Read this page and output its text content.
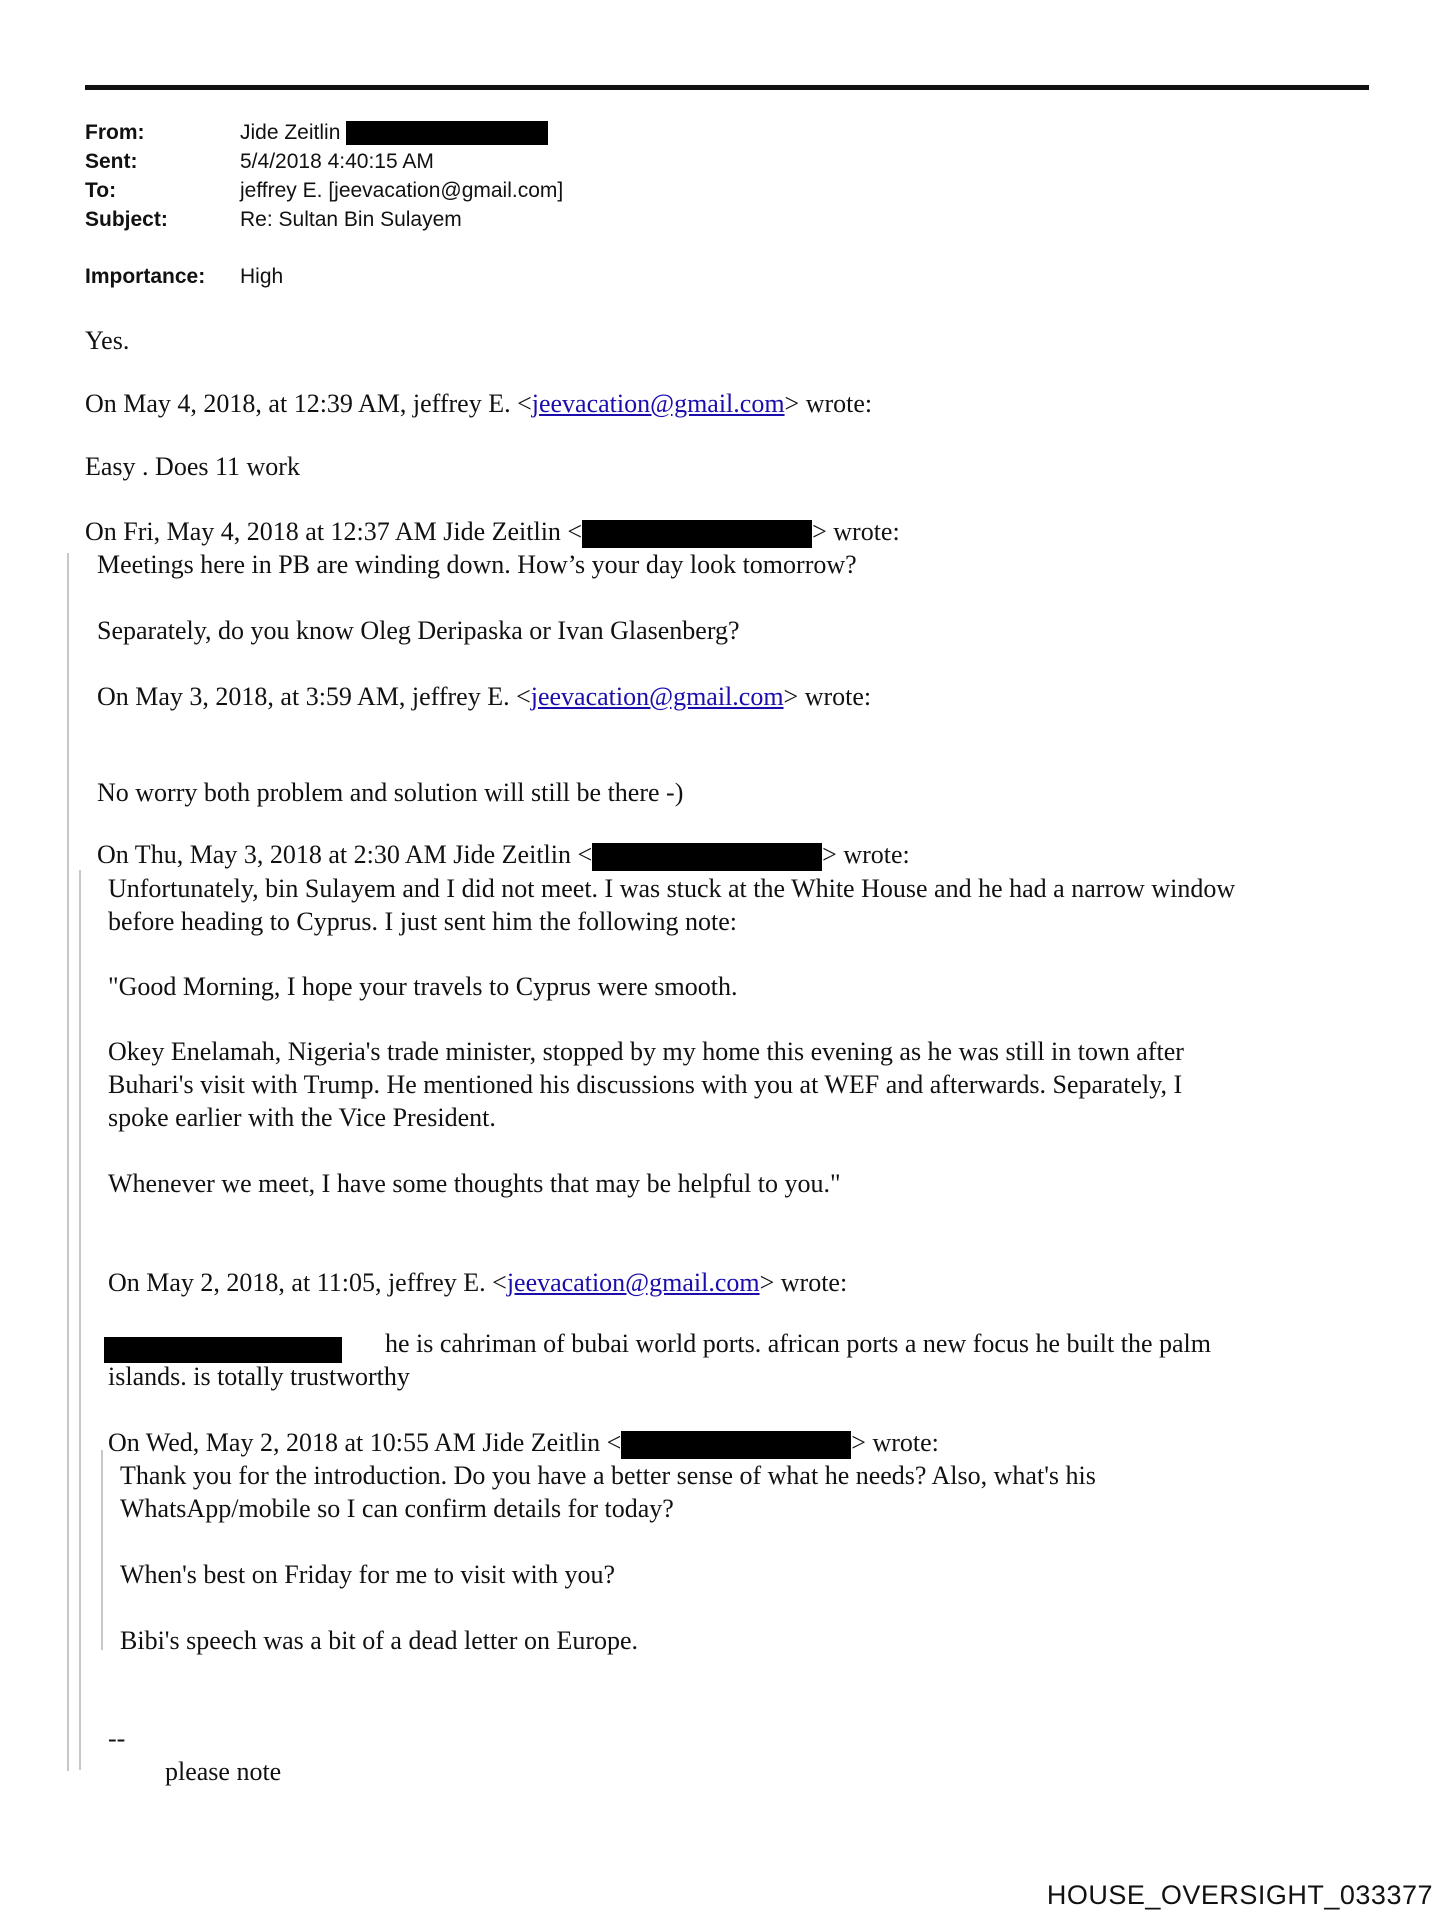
From:	Jide Zeitlin
Sent:	5/4/2018 4:40:15 AM
To:	jeffrey E. [jeevacation@gmail.com]
Subject:	Re: Sultan Bin Sulayem
Importance: High
Yes.
On May 4, 2018, at 12:39 AM, jeffrey E. <jeevacation@gmail.com> wrote:
Easy . Does 11 work
On Fri, May 4, 2018 at 12:37 AM Jide Zeitlin <	> wrote:
Meetings here in PB are winding down. How’s your day look tomorrow?
Separately, do you know Oleg Deripaska or Ivan Glasenberg?
On May 3, 2018, at 3:59 AM, jeffrey E. <jeevacation@gmail.com> wrote:
No worry both problem and solution will still be there -)
On Thu, May 3, 2018 at 2:30 AM Jide Zeitlin <	> wrote:
Unfortunately, bin Sulayem and I did not meet. I was stuck at the White House and he had a narrow window
before heading to Cyprus. I just sent him the following note:
"Good Morning, I hope your travels to Cyprus were smooth.
Okey Enelamah, Nigeria's trade minister, stopped by my home this evening as he was still in town after
Buhari's visit with Trump. He mentioned his discussions with you at WEF and afterwards. Separately, I
spoke earlier with the Vice President.
Whenever we meet, I have some thoughts that may be helpful to you."
On May 2, 2018, at 11:05, jeffrey E. <jeevacation@gmail.com> wrote:
he is cahriman of bubai world ports. african ports a new focus he built the palm
islands. is totally trustworthy
On Wed, May 2, 2018 at 10:55 AM Jide Zeitlin <	> wrote:
Thank you for the introduction. Do you have a better sense of what he needs? Also, what's his
WhatsApp/mobile so I can confirm details for today?
When's best on Friday for me to visit with you?
Bibi's speech was a bit of a dead letter on Europe.
--
please note
HOUSE_OVERSIGHT_033377
